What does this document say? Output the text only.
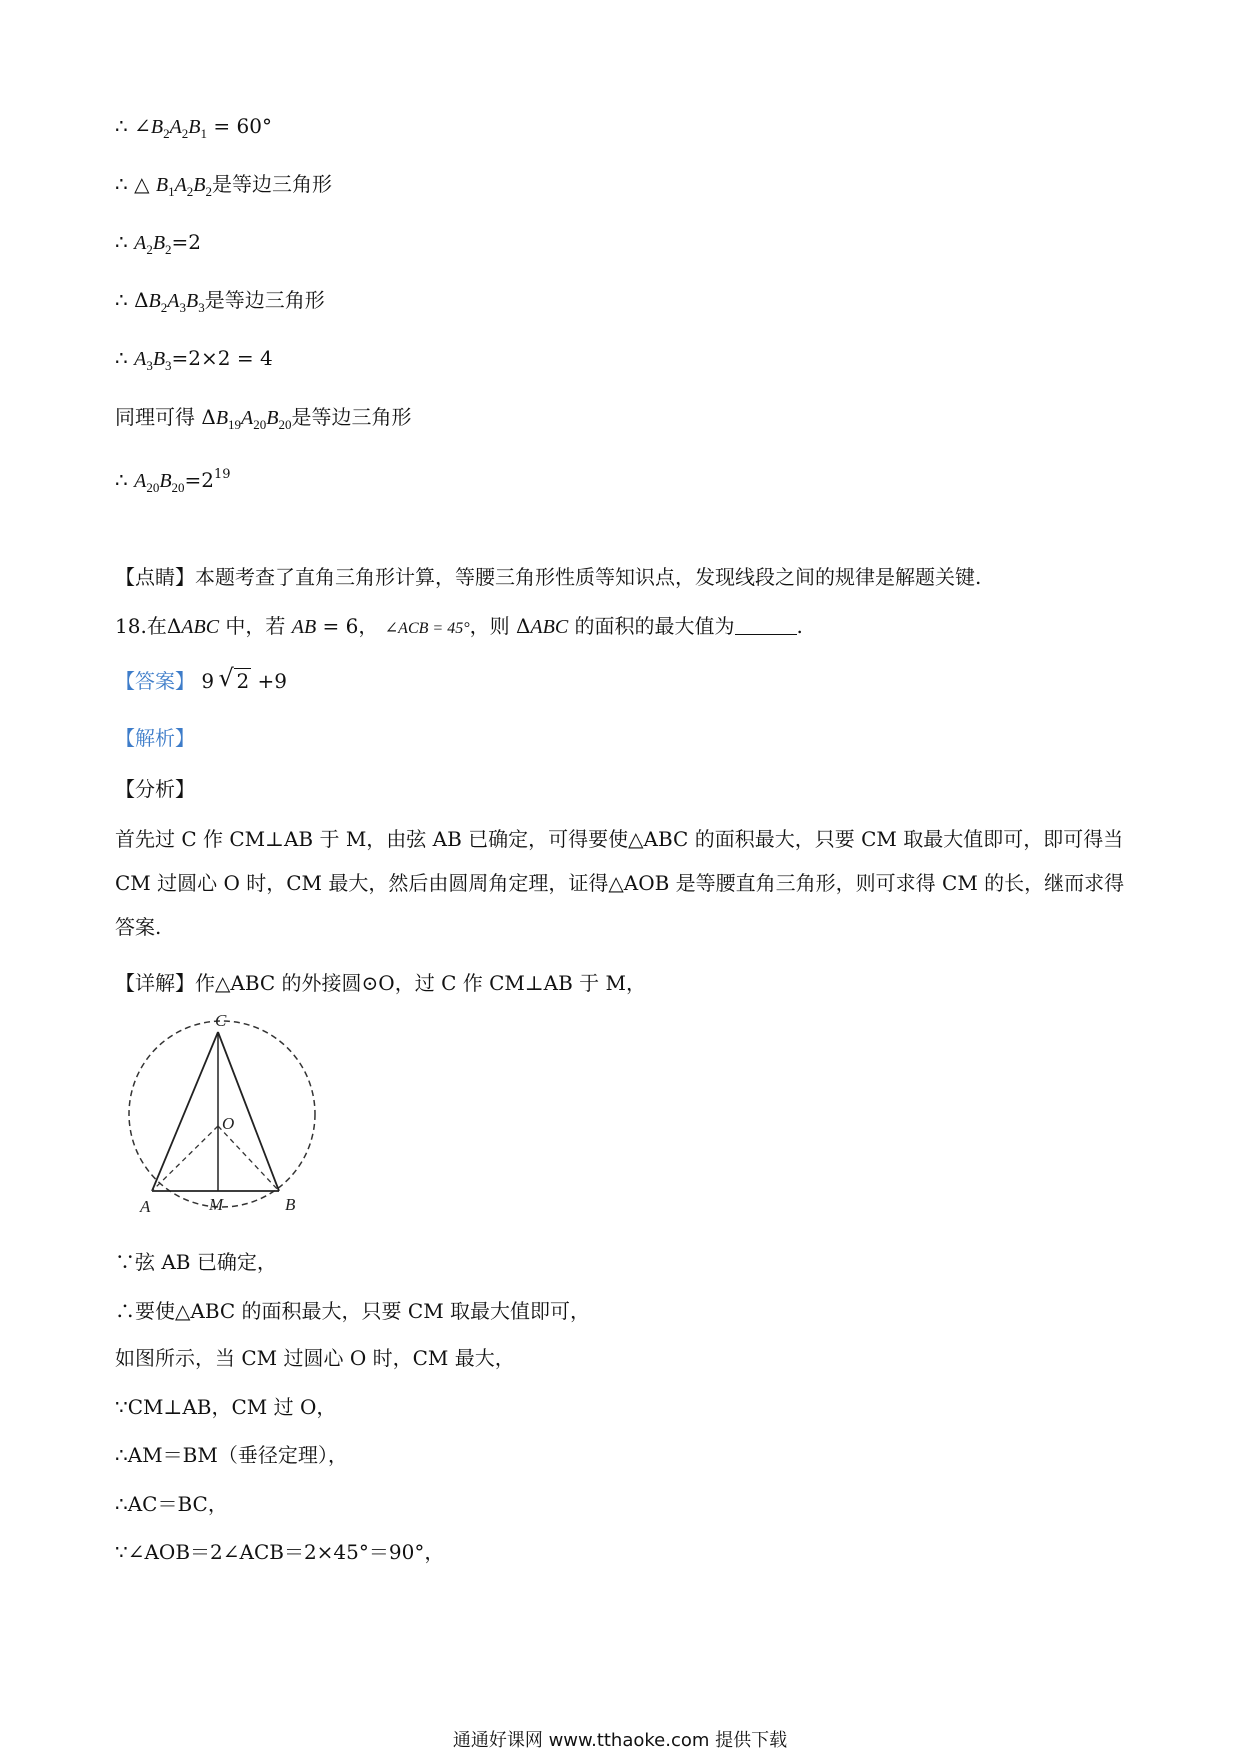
∴ $\angle B_2A_2B_1 = 60^\circ$
∴ △ $B_1A_2B_2$是等边三角形
∴ $A_2B_2=2$
∴ $\Delta B_2A_3B_3$是等边三角形
∴ $A_3B_3=2\times 2 = 4$
同理可得 $\Delta B_{19}A_{20}B_{20}$是等边三角形
∴ $A_{20}B_{20}=2^{19}$
【点睛】本题考查了直角三角形计算，等腰三角形性质等知识点，发现线段之间的规律是解题关键.
18.在ΔABC 中，若 AB = 6， ∠ACB = 45°，则 ΔABC 的面积的最大值为	.
【答案】 9 √ 2 +9
【解析】
【分析】
首先过 C 作 CM⊥AB 于 M，由弦 AB 已确定，可得要使△ABC 的面积最大，只要 CM 取最大值即可，即可得当 CM 过圆心 O 时，CM 最大，然后由圆周角定理，证得△AOB 是等腰直角三角形，则可求得 CM 的长，继而求得答案.
【详解】作△ABC 的外接圆⊙O，过 C 作 CM⊥AB 于 M，
C
O
A	M	B
∵弦 AB 已确定，
∴要使△ABC 的面积最大，只要 CM 取最大值即可，
如图所示，当 CM 过圆心 O 时，CM 最大，
∵CM⊥AB，CM 过 O，
∴AM＝BM（垂径定理），
∴AC＝BC，
∵∠AOB＝2∠ACB＝2×45°＝90°，
通通好课网 www.tthaoke.com 提供下载
